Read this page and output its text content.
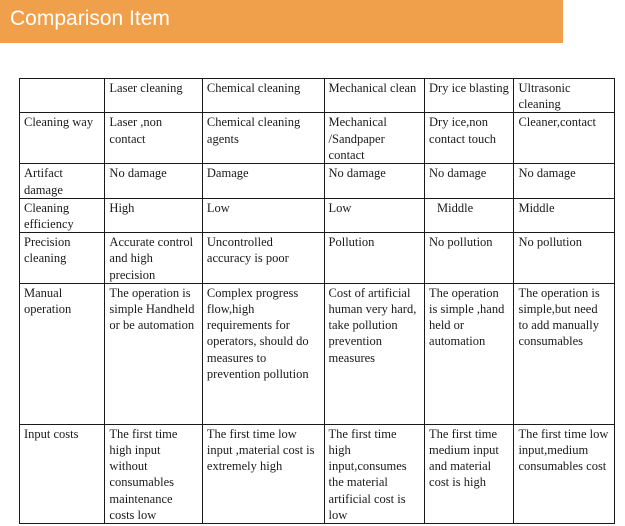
Comparison Item
	Laser cleaning	Chemical cleaning	Mechanical clean	Dry ice blasting	Ultrasonic cleaning
Cleaning way	Laser ,non contact	Chemical cleaning agents	Mechanical /Sandpaper contact	Dry ice,non contact touch	Cleaner,contact
Artifact damage	No damage	Damage	No damage	No damage	No damage
Cleaning efficiency	High	Low	Low	Middle	Middle
Precision cleaning	Accurate control and high precision	Uncontrolled accuracy is poor	Pollution	No pollution	No pollution
Manual operation	The operation is simple Handheld or be automation	Complex progress flow,high requirements for operators, should do measures to prevention pollution	Cost of artificial human very hard, take pollution prevention measures	The operation is simple ,hand held or automation	The operation is simple,but need to add manually consumables
Input costs	The first time high input without consumables maintenance costs low	The first time low input ,material cost is extremely high	The first time high input,consumes the material artificial cost is low	The first time medium input and material cost is high	The first time low input,medium consumables cost
